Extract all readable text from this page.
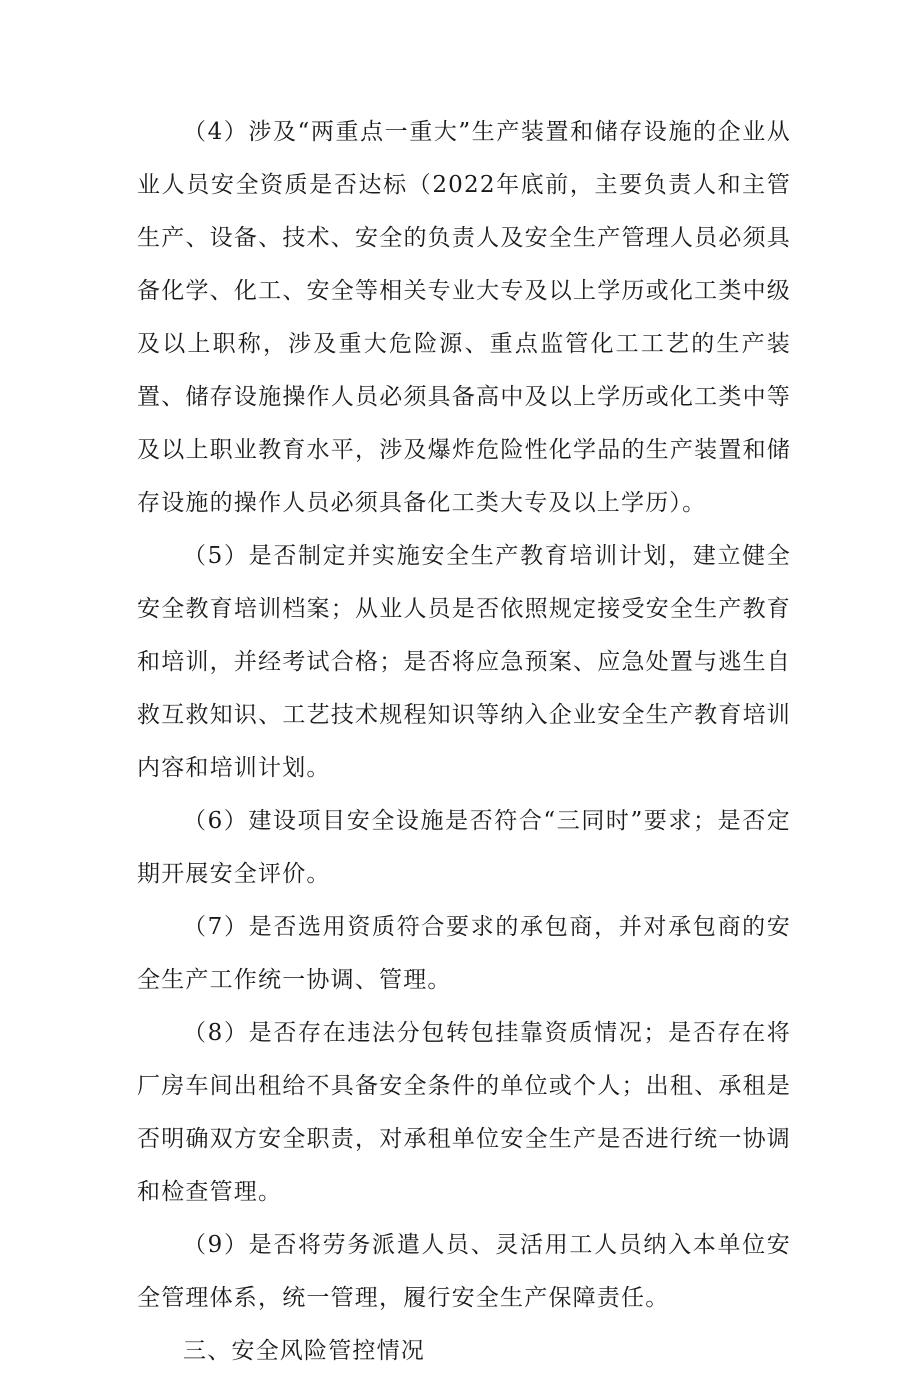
（4）涉及“两重点一重大”生产装置和储存设施的企业从业人员安全资质是否达标（2022年底前，主要负责人和主管生产、设备、技术、安全的负责人及安全生产管理人员必须具备化学、化工、安全等相关专业大专及以上学历或化工类中级及以上职称，涉及重大危险源、重点监管化工工艺的生产装置、储存设施操作人员必须具备高中及以上学历或化工类中等及以上职业教育水平，涉及爆炸危险性化学品的生产装置和储存设施的操作人员必须具备化工类大专及以上学历）。

（5）是否制定并实施安全生产教育培训计划，建立健全安全教育培训档案；从业人员是否依照规定接受安全生产教育和培训，并经考试合格；是否将应急预案、应急处置与逃生自救互救知识、工艺技术规程知识等纳入企业安全生产教育培训内容和培训计划。

（6）建设项目安全设施是否符合“三同时”要求；是否定期开展安全评价。

（7）是否选用资质符合要求的承包商，并对承包商的安全生产工作统一协调、管理。

（8）是否存在违法分包转包挂靠资质情况；是否存在将厂房车间出租给不具备安全条件的单位或个人；出租、承租是否明确双方安全职责，对承租单位安全生产是否进行统一协调和检查管理。

（9）是否将劳务派遣人员、灵活用工人员纳入本单位安全管理体系，统一管理，履行安全生产保障责任。

三、安全风险管控情况
